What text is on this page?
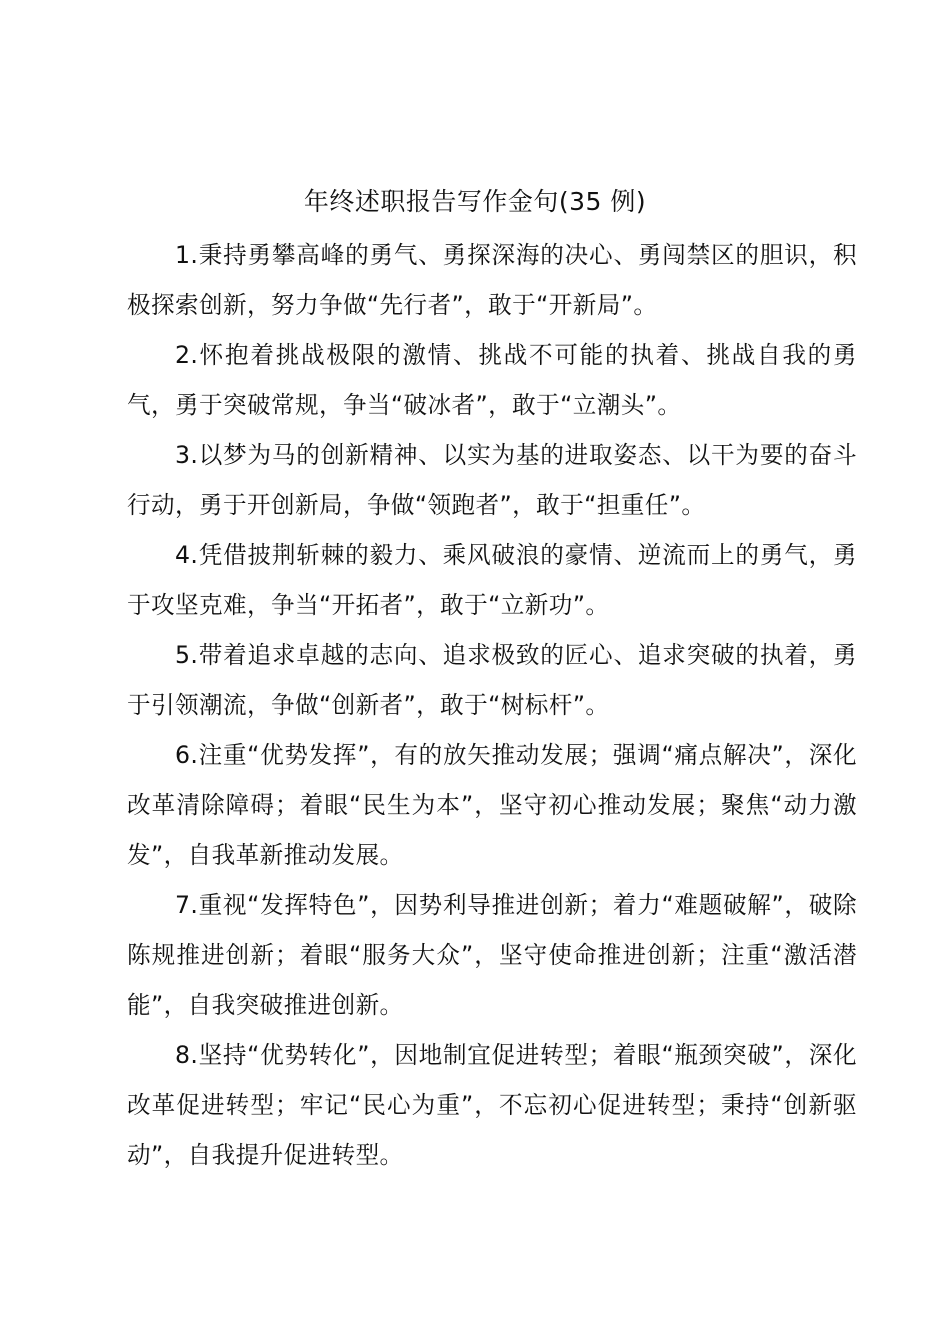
年终述职报告写作金句(35 例)

1.秉持勇攀高峰的勇气、勇探深海的决心、勇闯禁区的胆识，积极探索创新，努力争做“先行者”，敢于“开新局”。

2.怀抱着挑战极限的激情、挑战不可能的执着、挑战自我的勇气，勇于突破常规，争当“破冰者”，敢于“立潮头”。

3.以梦为马的创新精神、以实为基的进取姿态、以干为要的奋斗行动，勇于开创新局，争做“领跑者”，敢于“担重任”。

4.凭借披荆斩棘的毅力、乘风破浪的豪情、逆流而上的勇气，勇于攻坚克难，争当“开拓者”，敢于“立新功”。

5.带着追求卓越的志向、追求极致的匠心、追求突破的执着，勇于引领潮流，争做“创新者”，敢于“树标杆”。

6.注重“优势发挥”，有的放矢推动发展；强调“痛点解决”，深化改革清除障碍；着眼“民生为本”，坚守初心推动发展；聚焦“动力激发”，自我革新推动发展。

7.重视“发挥特色”，因势利导推进创新；着力“难题破解”，破除陈规推进创新；着眼“服务大众”，坚守使命推进创新；注重“激活潜能”，自我突破推进创新。

8.坚持“优势转化”，因地制宜促进转型；着眼“瓶颈突破”，深化改革促进转型；牢记“民心为重”，不忘初心促进转型；秉持“创新驱动”，自我提升促进转型。
